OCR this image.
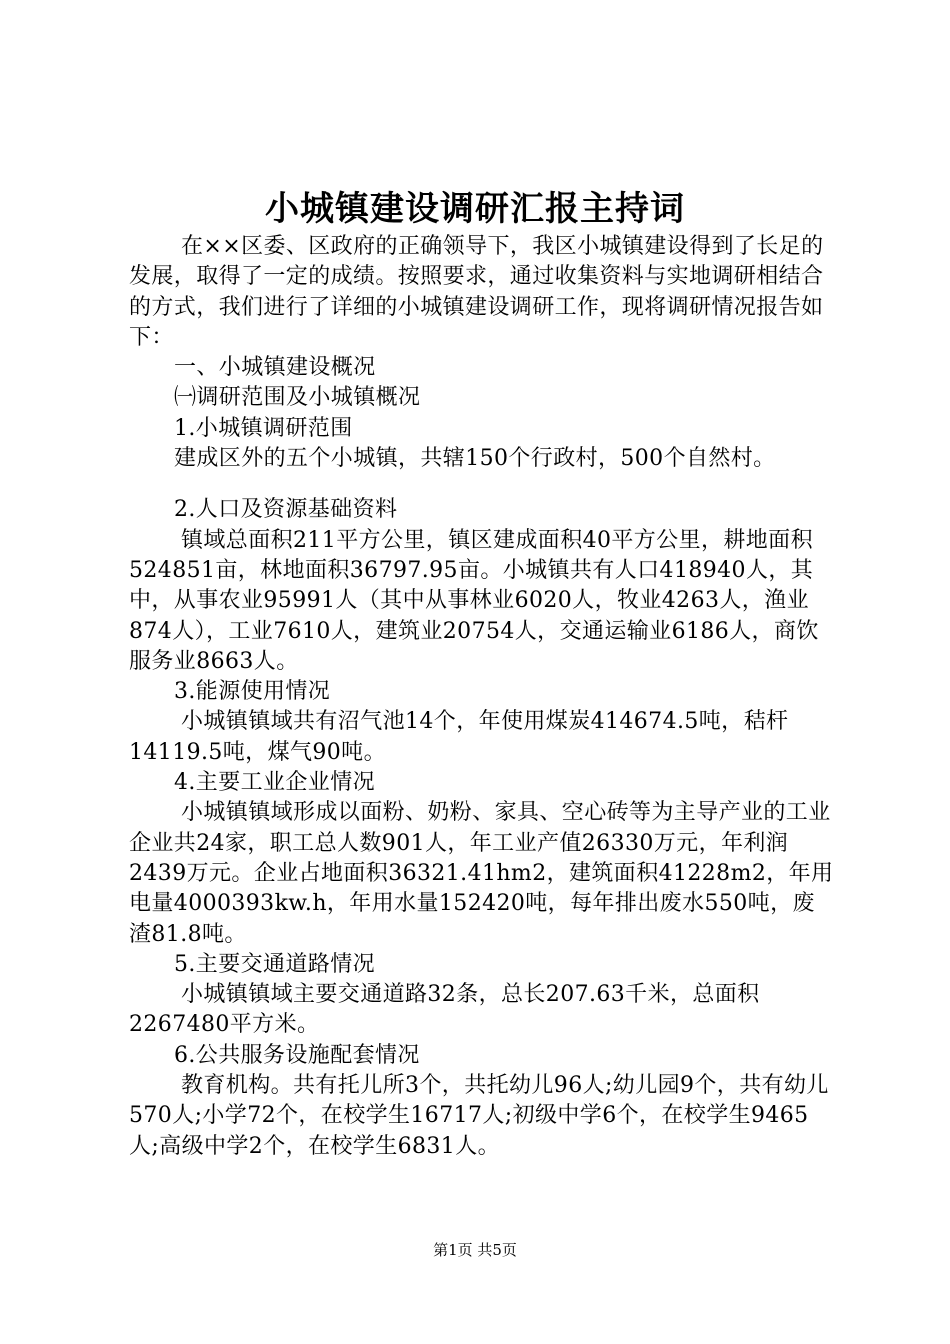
小城镇建设调研汇报主持词

在××区委、区政府的正确领导下，我区小城镇建设得到了长足的发展，取得了一定的成绩。按照要求，通过收集资料与实地调研相结合的方式，我们进行了详细的小城镇建设调研工作，现将调研情况报告如下：

一、小城镇建设概况

㈠调研范围及小城镇概况

1.小城镇调研范围

建成区外的五个小城镇，共辖150个行政村，500个自然村。

2.人口及资源基础资料

镇域总面积211平方公里，镇区建成面积40平方公里，耕地面积524851亩，林地面积36797.95亩。小城镇共有人口418940人，其中，从事农业95991人（其中从事林业6020人，牧业4263人，渔业874人），工业7610人，建筑业20754人，交通运输业6186人，商饮服务业8663人。

3.能源使用情况

小城镇镇域共有沼气池14个，年使用煤炭414674.5吨，秸杆14119.5吨，煤气90吨。

4.主要工业企业情况

小城镇镇域形成以面粉、奶粉、家具、空心砖等为主导产业的工业企业共24家，职工总人数901人，年工业产值26330万元，年利润2439万元。企业占地面积36321.41hm2，建筑面积41228m2，年用电量4000393kw.h，年用水量152420吨，每年排出废水550吨，废渣81.8吨。

5.主要交通道路情况

小城镇镇域主要交通道路32条，总长207.63千米，总面积2267480平方米。

6.公共服务设施配套情况

教育机构。共有托儿所3个，共托幼儿96人;幼儿园9个，共有幼儿570人;小学72个，在校学生16717人;初级中学6个，在校学生9465人;高级中学2个，在校学生6831人。

第1页 共5页
